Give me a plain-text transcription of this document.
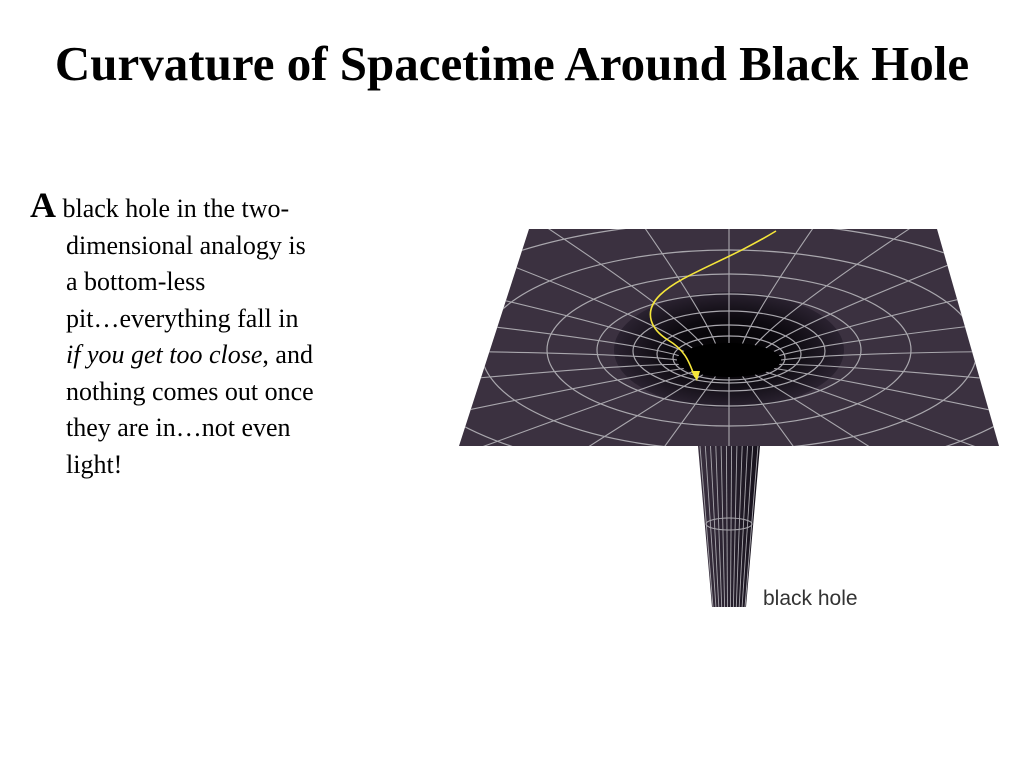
Curvature of Spacetime Around Black Hole
A black hole in the two-
dimensional analogy is
a bottom-less
pit…everything fall in
if you get too close, and
nothing comes out once
they are in…not even
light!
black hole
